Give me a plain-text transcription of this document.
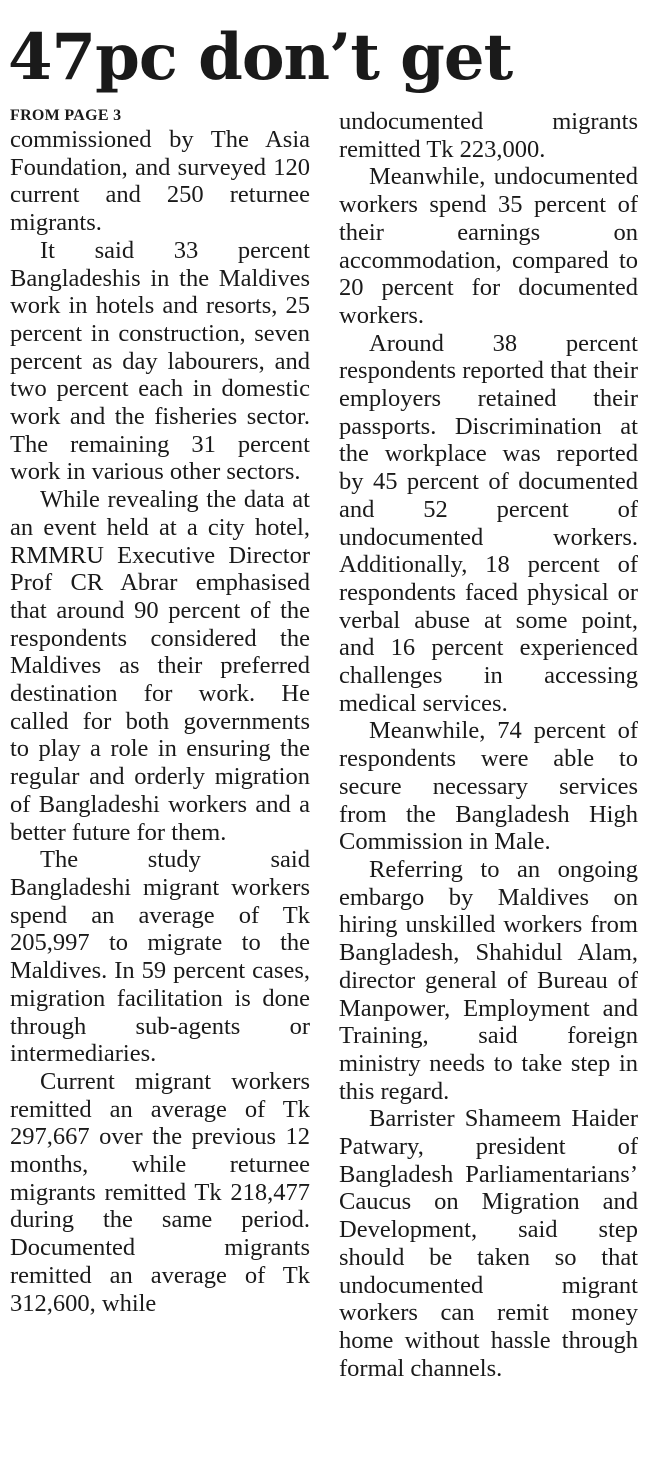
47pc don’t get
FROM PAGE 3

commissioned by The Asia Foundation, and surveyed 120 current and 250 returnee migrants.

It said 33 percent Bangladeshis in the Maldives work in hotels and resorts, 25 percent in construction, seven percent as day labourers, and two percent each in domestic work and the fisheries sector. The remaining 31 percent work in various other sectors.

While revealing the data at an event held at a city hotel, RMMRU Executive Director Prof CR Abrar emphasised that around 90 percent of the respondents considered the Maldives as their preferred destination for work. He called for both governments to play a role in ensuring the regular and orderly migration of Bangladeshi workers and a better future for them.

The study said Bangladeshi migrant workers spend an average of Tk 205,997 to migrate to the Maldives. In 59 percent cases, migration facilitation is done through sub-agents or intermediaries.

Current migrant workers remitted an average of Tk 297,667 over the previous 12 months, while returnee migrants remitted Tk 218,477 during the same period. Documented migrants remitted an average of Tk 312,600, while

undocumented migrants remitted Tk 223,000.

Meanwhile, undocumented workers spend 35 percent of their earnings on accommodation, compared to 20 percent for documented workers.

Around 38 percent respondents reported that their employers retained their passports. Discrimination at the workplace was reported by 45 percent of documented and 52 percent of undocumented workers. Additionally, 18 percent of respondents faced physical or verbal abuse at some point, and 16 percent experienced challenges in accessing medical services.

Meanwhile, 74 percent of respondents were able to secure necessary services from the Bangladesh High Commission in Male.

Referring to an ongoing embargo by Maldives on hiring unskilled workers from Bangladesh, Shahidul Alam, director general of Bureau of Manpower, Employment and Training, said foreign ministry needs to take step in this regard.

Barrister Shameem Haider Patwary, president of Bangladesh Parliamentarians’ Caucus on Migration and Development, said step should be taken so that undocumented migrant workers can remit money home without hassle through formal channels.
